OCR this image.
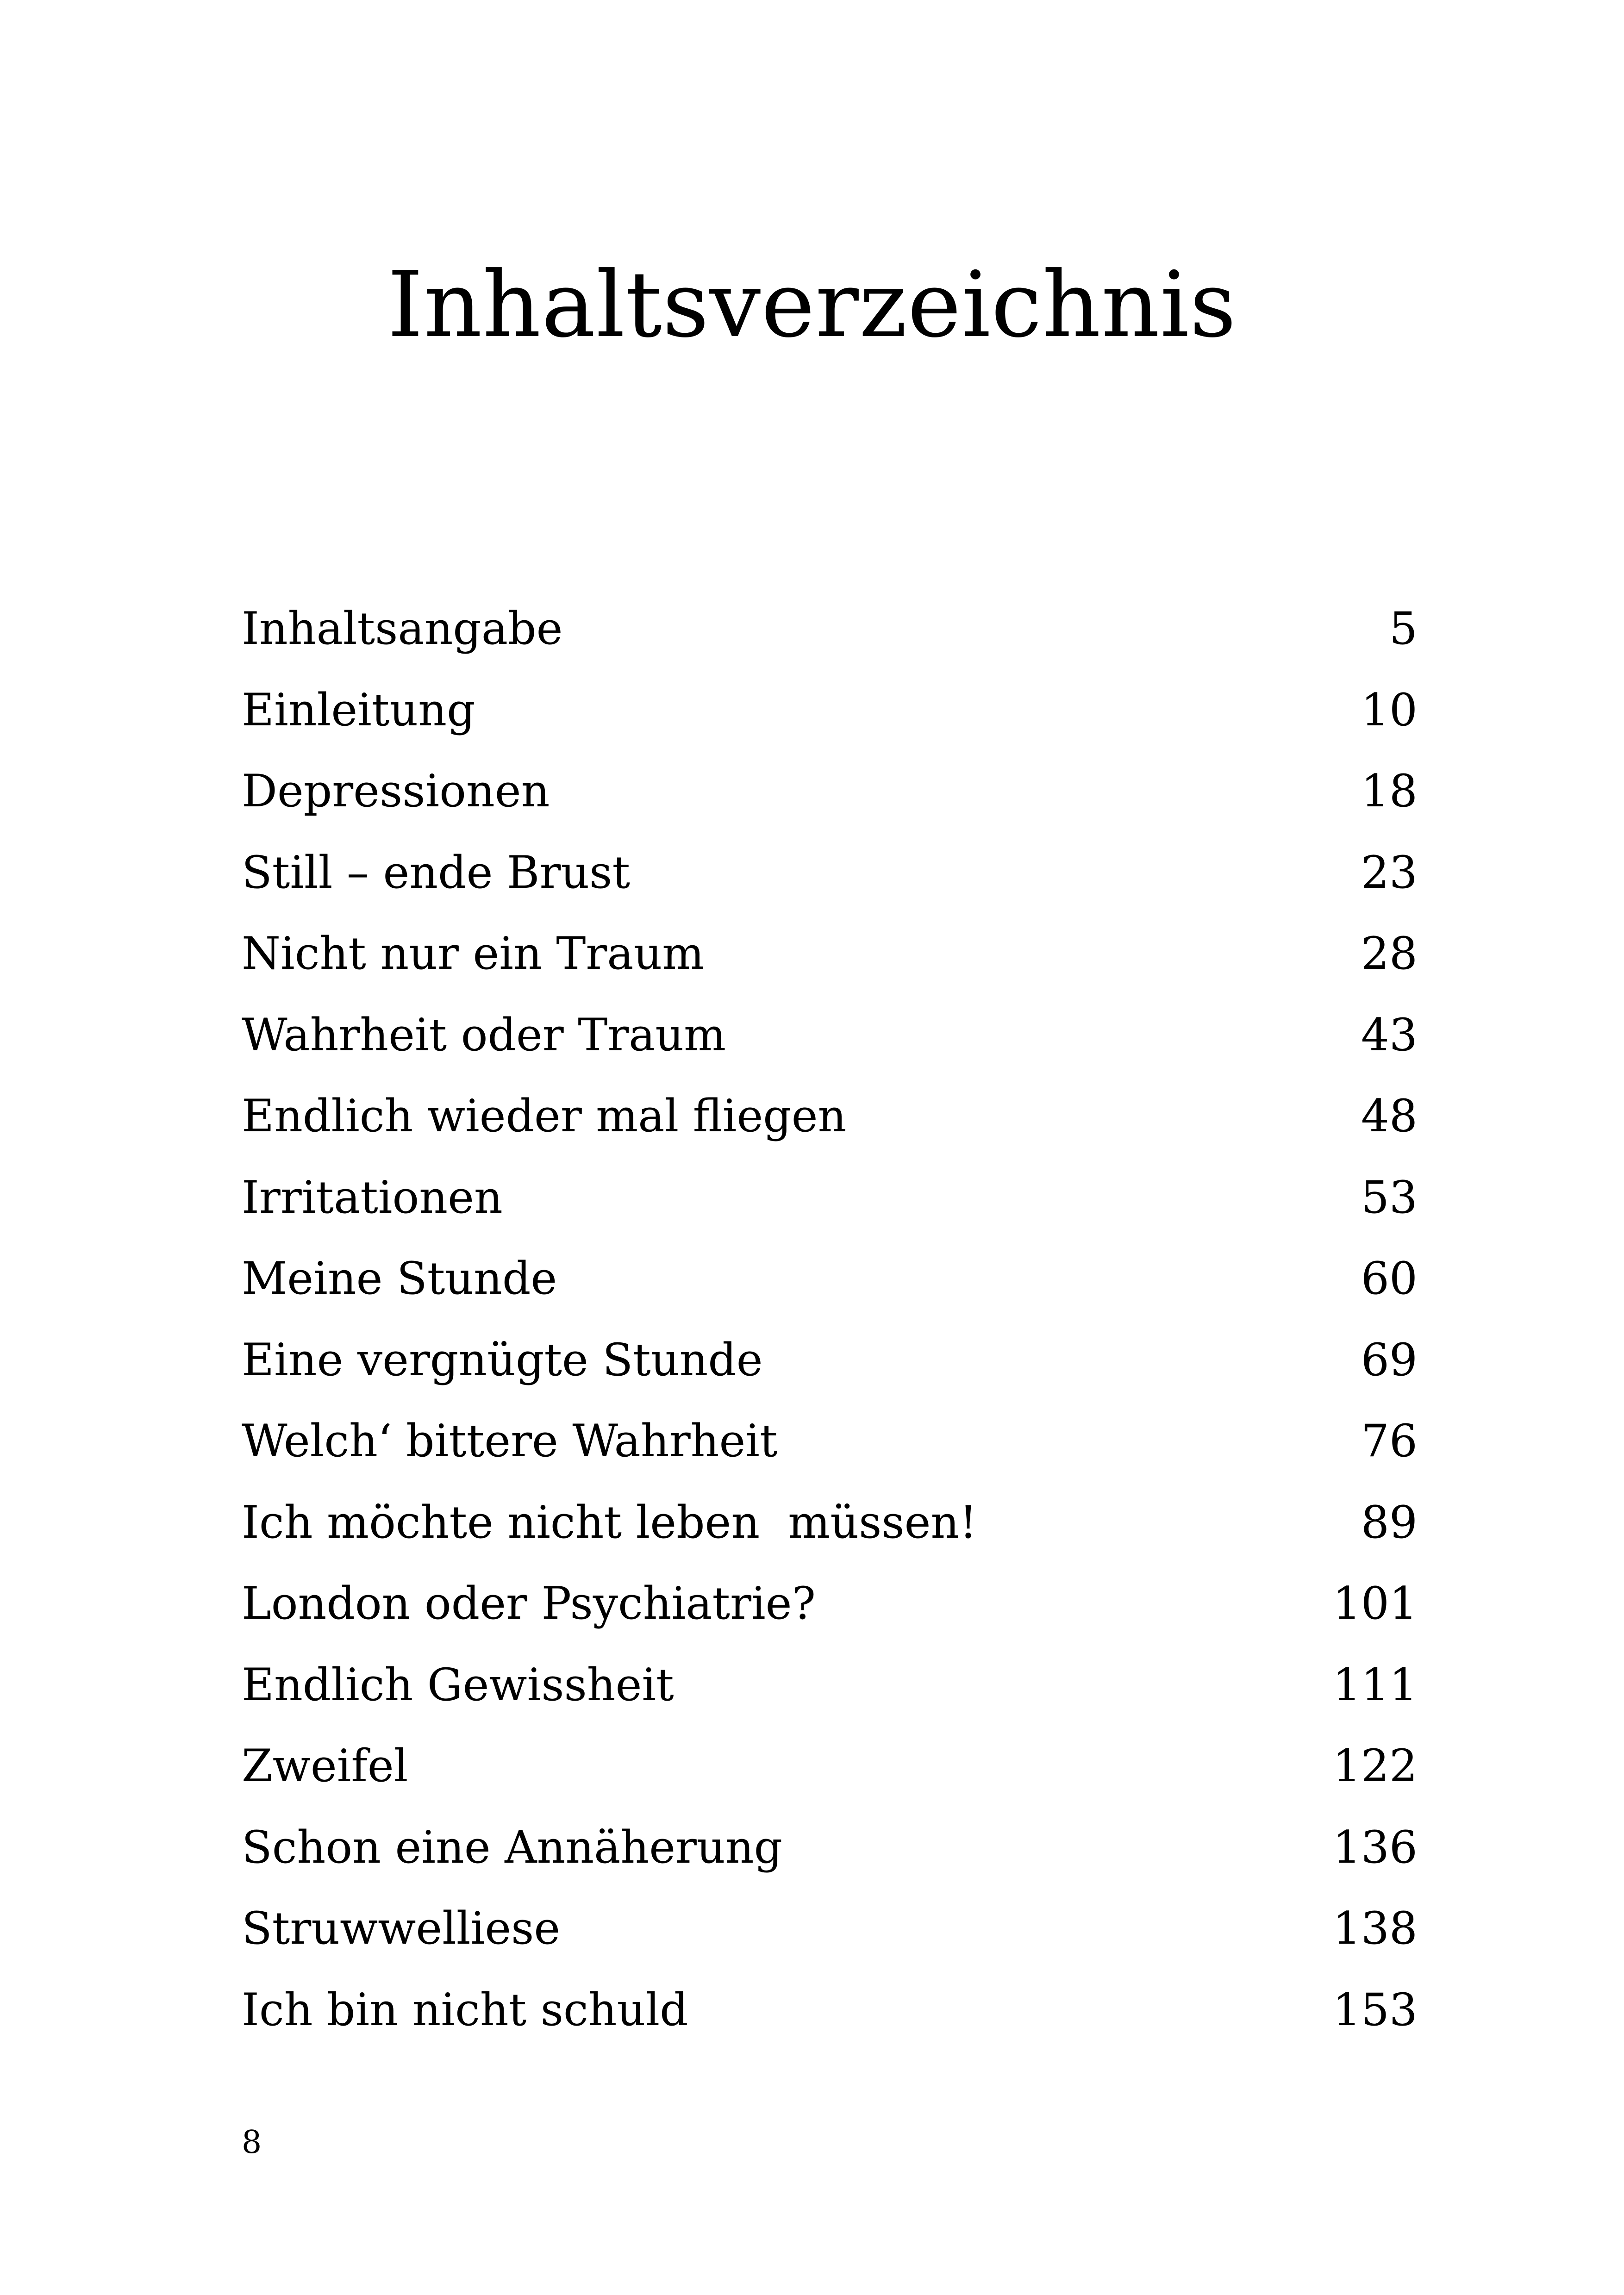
Inhaltsverzeichnis
Inhaltsangabe	5
Einleitung	10
Depressionen	18
Still – ende Brust	23
Nicht nur ein Traum	28
Wahrheit oder Traum	43
Endlich wieder mal fliegen	48
Irritationen	53
Meine Stunde	60
Eine vergnügte Stunde	69
Welch‘ bittere Wahrheit	76
Ich möchte nicht leben  müssen!	89
London oder Psychiatrie?	101
Endlich Gewissheit	111
Zweifel	122
Schon eine Annäherung	136
Struwwelliese	138
Ich bin nicht schuld	153
8
